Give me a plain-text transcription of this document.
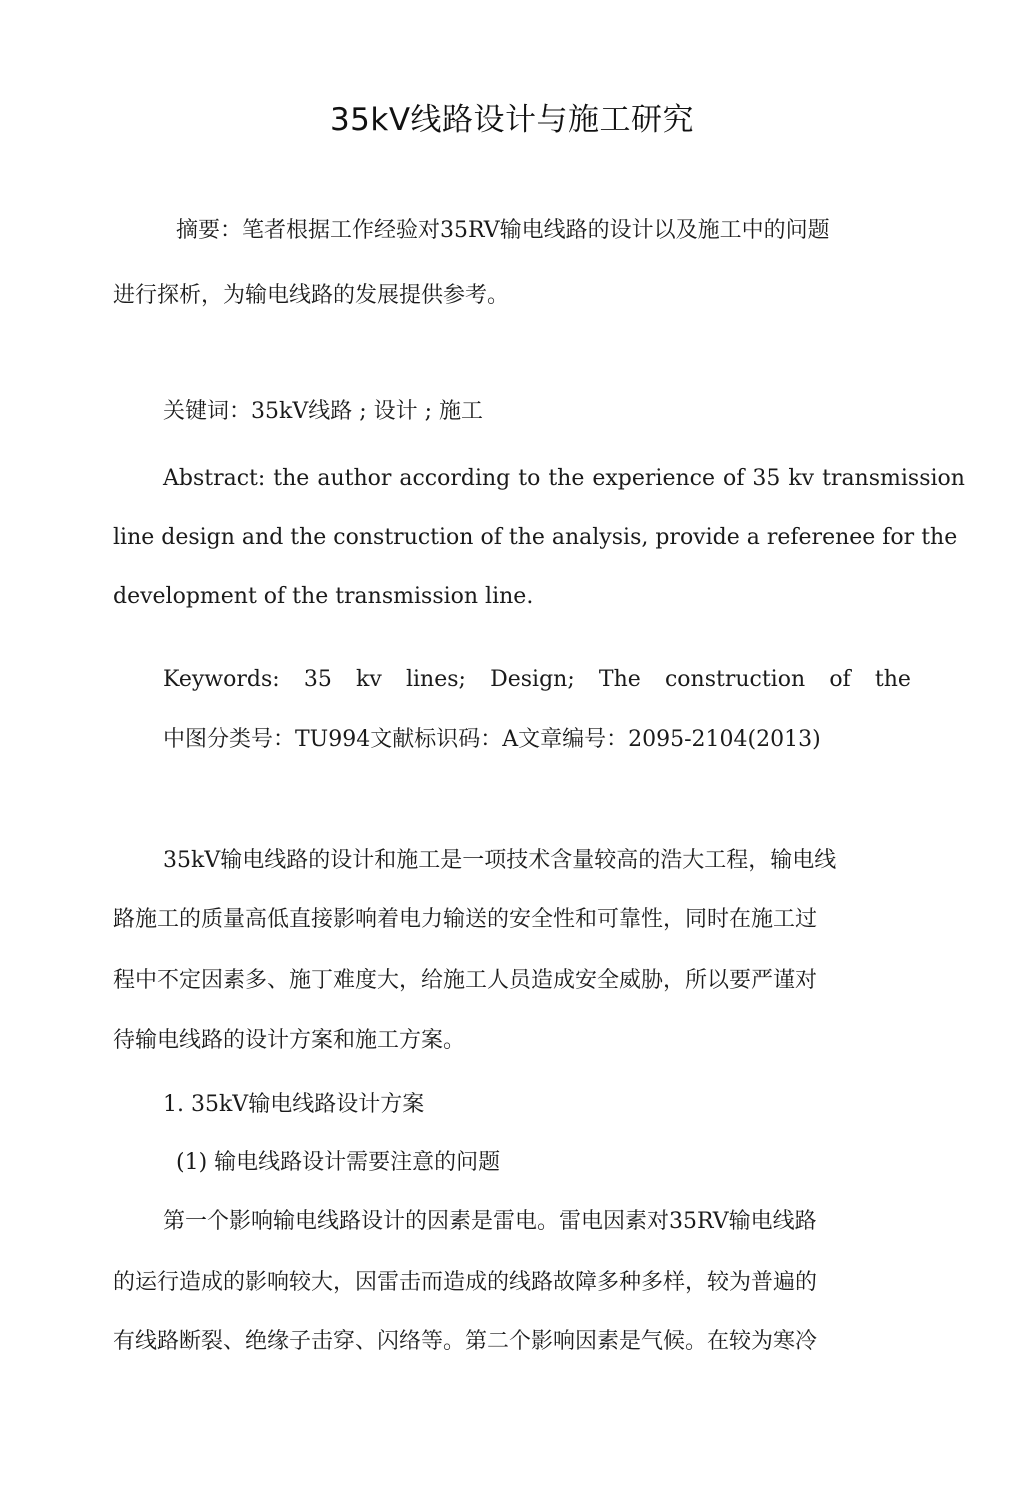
35kV线路设计与施工研究
摘要：笔者根据工作经验对35RV输电线路的设计以及施工中的问题
进行探析，为输电线路的发展提供参考。
关键词：35kV线路 ; 设计 ; 施工
Abstract: the author according to the experience of 35 kv transmission
line design and the construction of the analysis, provide a referenee for the
development of the transmission line.
Keywords: 35 kv lines; Design; The construction of the
中图分类号：TU994文献标识码：A文章编号：2095-2104(2013)
35kV输电线路的设计和施工是一项技术含量较高的浩大工程，输电线
路施工的质量高低直接影响着电力输送的安全性和可靠性，同时在施工过
程中不定因素多、施丁难度大，给施工人员造成安全威胁，所以要严谨对
待输电线路的设计方案和施工方案。
1. 35kV输电线路设计方案
(1) 输电线路设计需要注意的问题
第一个影响输电线路设计的因素是雷电。雷电因素对35RV输电线路
的运行造成的影响较大，因雷击而造成的线路故障多种多样，较为普遍的
有线路断裂、绝缘子击穿、闪络等。第二个影响因素是气候。在较为寒冷
